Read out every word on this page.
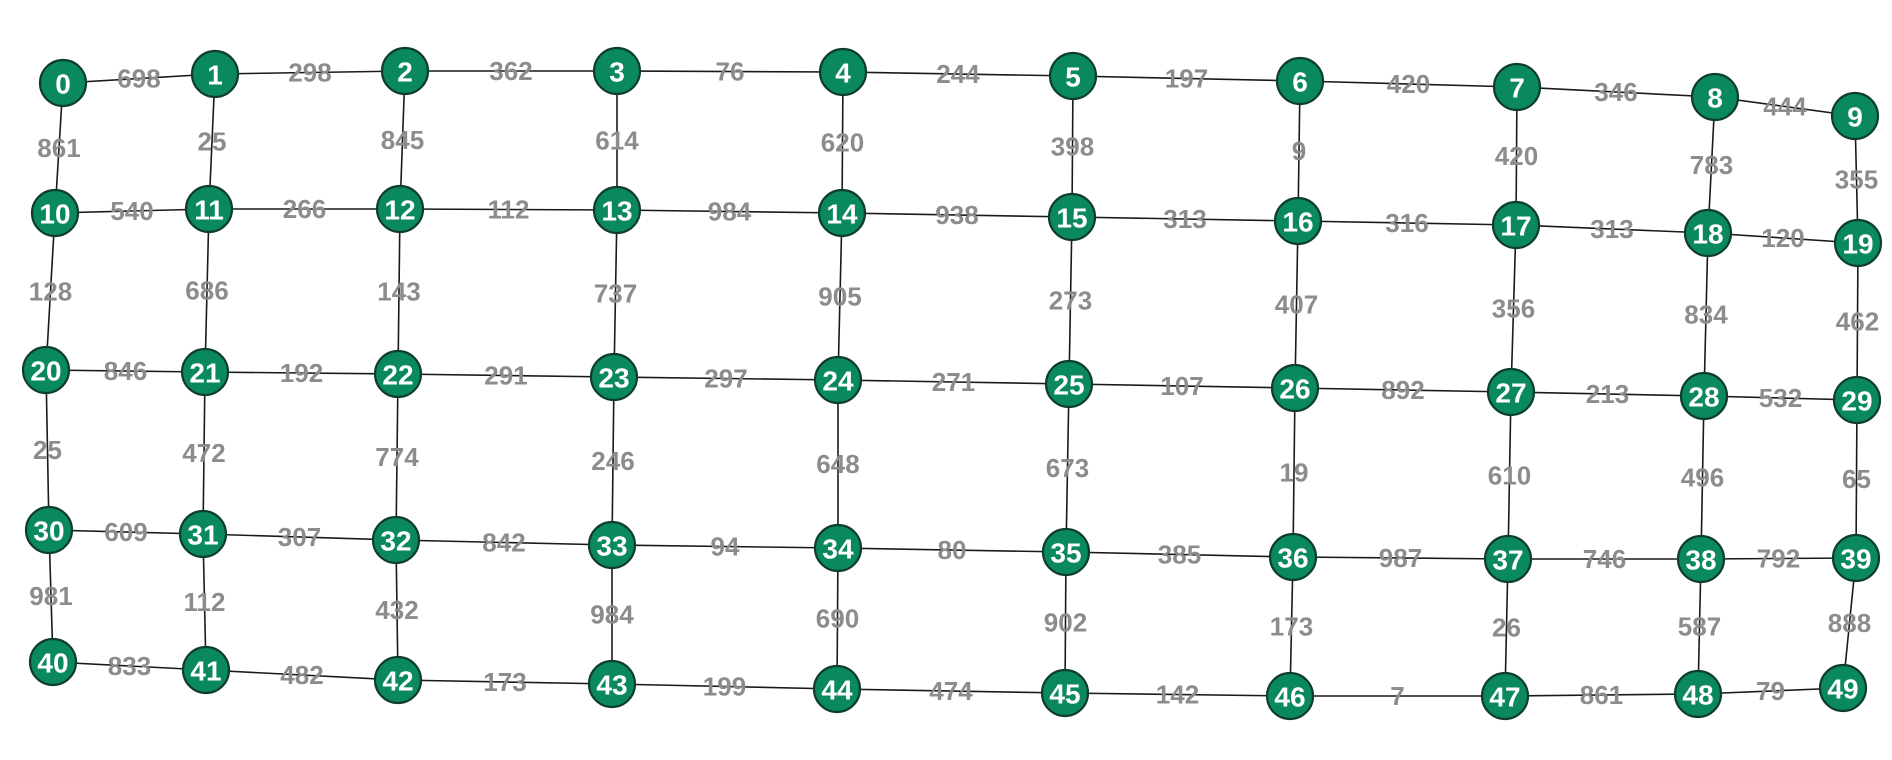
698	298	362	76	244	197	420	346	444
861	25	845	614	620	398	9	420	783	355
540	266	112	984	938	313	316	313	120
128	686	143	737	905	273	407	356	834	462
846	192	291	297	271	107	892	213	532
25	472	774	246	648	673	19	610	496	65
609	307	842	94	80	385	987	746	792
981	112	432	984	690	902	173	26	587	888
833	482	173	199	474	142	7	861	79
0	1	2	3	4	5	6	7	8
9
10	11	12	13	14	15	16	17	18	19
20	21	22	23	24	25	26	27	28	29
30	31	32	33	34	35	36	37	38	39
40	41	42	43	44	45	46	47	48	49
